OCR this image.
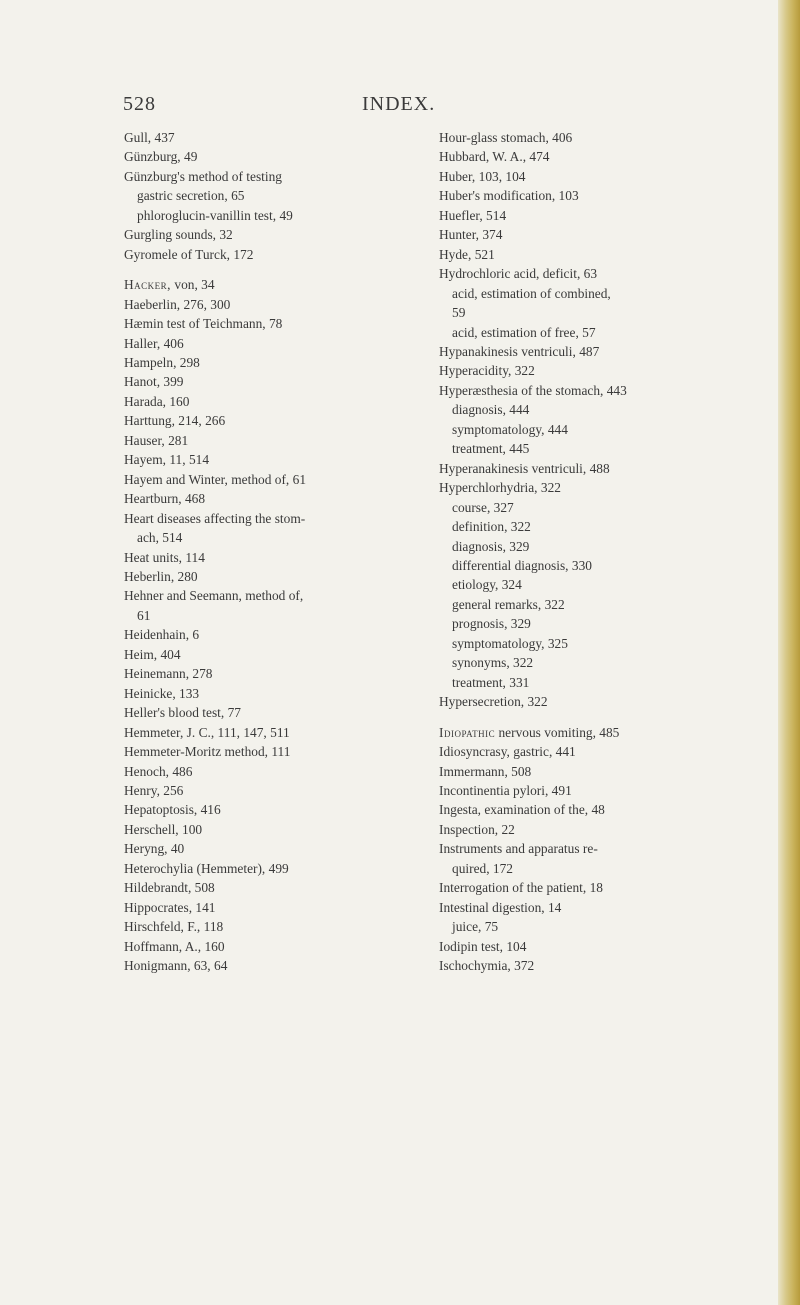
528	INDEX.
Gull, 437
Günzburg, 49
Günzburg's method of testing
gastric secretion, 65
phloroglucin-vanillin test, 49
Gurgling sounds, 32
Gyromele of Turck, 172
Hacker, von, 34
Haeberlin, 276, 300
Hæmin test of Teichmann, 78
Haller, 406
Hampeln, 298
Hanot, 399
Harada, 160
Harttung, 214, 266
Hauser, 281
Hayem, 11, 514
Hayem and Winter, method of, 61
Heartburn, 468
Heart diseases affecting the stom-
ach, 514
Heat units, 114
Heberlin, 280
Hehner and Seemann, method of,
61
Heidenhain, 6
Heim, 404
Heinemann, 278
Heinicke, 133
Heller's blood test, 77
Hemmeter, J. C., 111, 147, 511
Hemmeter-Moritz method, 111
Henoch, 486
Henry, 256
Hepatoptosis, 416
Herschell, 100
Heryng, 40
Heterochylia (Hemmeter), 499
Hildebrandt, 508
Hippocrates, 141
Hirschfeld, F., 118
Hoffmann, A., 160
Honigmann, 63, 64
Hour-glass stomach, 406
Hubbard, W. A., 474
Huber, 103, 104
Huber's modification, 103
Huefler, 514
Hunter, 374
Hyde, 521
Hydrochloric acid, deficit, 63
acid, estimation of combined,
59
acid, estimation of free, 57
Hypanakinesis ventriculi, 487
Hyperacidity, 322
Hyperæsthesia of the stomach, 443
diagnosis, 444
symptomatology, 444
treatment, 445
Hyperanakinesis ventriculi, 488
Hyperchlorhydria, 322
course, 327
definition, 322
diagnosis, 329
differential diagnosis, 330
etiology, 324
general remarks, 322
prognosis, 329
symptomatology, 325
synonyms, 322
treatment, 331
Hypersecretion, 322
Idiopathic nervous vomiting, 485
Idiosyncrasy, gastric, 441
Immermann, 508
Incontinentia pylori, 491
Ingesta, examination of the, 48
Inspection, 22
Instruments and apparatus re-
quired, 172
Interrogation of the patient, 18
Intestinal digestion, 14
juice, 75
Iodipin test, 104
Ischochymia, 372
